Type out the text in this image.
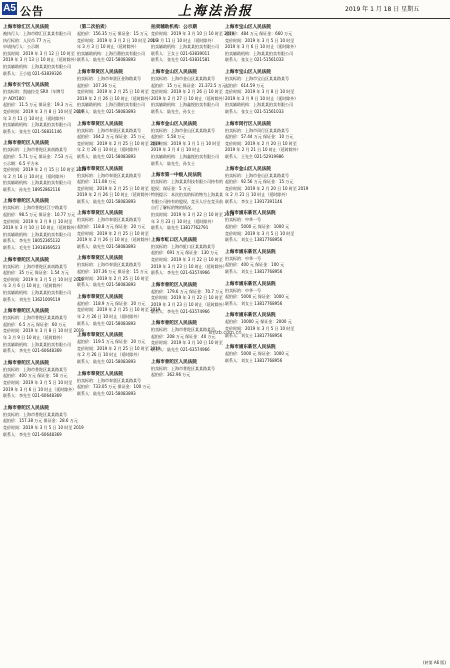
A5 公告	上海法治报	2019 年 1 月 18 日 星期五
上海市徐汇区人民法院
被执行人：上海市徐汇区某某有限公司
执行标的：人民币 77 万元
申请执行人：公示期
拍卖时间：2019 年 3 月 12 日 10 时至
2019 年 3 月 13 日 10 时止（延时除外）
拍卖辅助机构：上海某某拍卖有限公司
联系人：王小姐 021-63839326
上海市长宁区人民法院
拍卖标的：凯迪拉克 SRX（车牌号
沪 ADY180）
起拍价：11.5 万元 保证金：19.3 万元
竞价时间：2019 年 3 月 8 日 10 时至 2019
年 3 月 11 日 10 时止（延时除外）
拍卖辅助机构：上海某某拍卖有限公司
联系人：张先生 021-56831146
上海市普陀区人民法院
拍卖标的：上海市普陀区真南路某号
起拍价：5.71 万元 保证金：7.53 万元
公示期：6.5 平方米
竞价时间：2019 年 2 月 15 日 10 时至 2019
年 2 月 16 日 10 时止（延时除外）
拍卖辅助机构：上海某某拍卖有限公司
联系人：孙先生 18952862116
上海市普陀区人民法院
拍卖标的：上海市普陀区江宁路某号
起拍价：98.5 万元 保证金：10.77 万元
竞价时间：2019 年 3 月 9 日 10 时至
2019 年 3 月 10 日 10 时止（延时除外）
拍卖辅助机构：上海某某拍卖有限公司
联系人：李先生 18052365132
联系人：毛先生 13918369523
上海市普陀区人民法院
拍卖标的：上海市普陀区真南路某号
起拍价：35 万元 保证金：1.54 万元
竞价时间：2019 年 3 月 5 日 10 时至 2019
年 3 月 6 日 10 时止（延时除外）
拍卖辅助机构：上海某某拍卖有限公司
联系人：刘先生 13621009119
上海市普陀区人民法院
拍卖标的：上海市普陀区某某路某号
起拍价：6.5 万元 保证金：60 万元
竞价时间：2019 年 3 月 8 日 10 时至 2019
年 3 月 9 日 10 时止（延时除外）
拍卖辅助机构：上海某某拍卖有限公司
联系人：李先生 021-60648369
上海市普陀区人民法院
拍卖标的：上海市普陀区某某路某号
起拍价：400 万元 保证金：50 万元
竞价时间：2019 年 3 月 5 日 10 时至
2019 年 3 月 6 日 10 时止（延时除外）
联系人：李先生 021-60648369
上海市普陀区人民法院
拍卖标的：上海市普陀区某某路某号
起拍价：157.38 万元 保证金：28.6 万元
竞价时间：2019 年 3 月 5 日 10 时至 2019
联系人：李先生 021-60648369
（第二次拍卖）
起拍价：156.35 万元 保证金：15 万元
竞价时间：2019 年 3 月 2 日 10 时至 2019
年 3 月 3 日 10 时止（延时除外）
拍卖辅助机构：上海百鼎拍卖有限公司
联系人：陆先生 021-58083893
上海市奉贤区人民法院
拍卖标的：上海市奉贤区金海路某号
起拍价：107.36 万元
竞价时间：2019 年 2 月 25 日 10 时至
2019 年 2 月 26 日 10 时止（延时除外）
拍卖辅助机构：上海百鼎拍卖有限公司
联系人：陆先生 021-58083893
上海市奉贤区人民法院
拍卖标的：上海市奉贤区某某路某号
起拍价：164.2 万元 保证金：25 万元
竞价时间：2019 年 2 月 25 日 10 时至 2019
年 2 月 26 日 10 时止（延时除外）
联系人：陆先生 021-58083893
上海市奉贤区人民法院
拍卖标的：上海市奉贤区某某路某号
起拍价：111.08 万元
竞价时间：2019 年 2 月 25 日 10 时至
2019 年 2 月 26 日 10 时止（延时除外）
联系人：陆先生 021-58083893
上海市奉贤区人民法院
拍卖标的：上海市奉贤区某某路某号
起拍价：118.8 万元 保证金：20 万元
竞价时间：2019 年 2 月 25 日 10 时至
2019 年 2 月 26 日 10 时止（延时除外）
联系人：陆先生 021-58083893
上海市奉贤区人民法院
拍卖标的：上海市奉贤区某某路某号
起拍价：107.36 万元 保证金：15 万元
竞价时间：2019 年 2 月 25 日 10 时至
联系人：陆先生 021-58083893
上海市奉贤区人民法院
起拍价：118.9 万元 保证金：20 万元
竞价时间：2019 年 2 月 25 日 10 时至 2019
年 2 月 26 日 10 时止（延时除外）
联系人：陆先生 021-58083893
上海市奉贤区人民法院
起拍价：119.5 万元 保证金：20 万元
竞价时间：2019 年 2 月 25 日 10 时至 2019
年 2 月 26 日 10 时止（延时除外）
联系人：陆先生 021-58083893
上海市奉贤区人民法院
拍卖标的：上海市奉贤区某某路某号
起拍价：733.05 万元 保证金：100 万元
联系人：陆先生 021-58083893
拍卖辅助机构：公示期
竞价时间：2019 年 3 月 10 日 10 时至 2019
年 3 月 11 日 10 时止（延时除外）
拍卖辅助机构：上海某某拍卖有限公司
联系人：王女士 021-63839011
联系人：张先生 021-63831581
上海市金山区人民法院
拍卖标的：上海市金山区某某路某号
起拍价：15 万元 保证金：21.372.5 万元
竞价时间：2019 年 2 月 26 日 10 时至
2019 年 2 月 27 日 10 时止（延时除外）
拍卖辅助机构：上海鑫悦拍卖有限公司
联系人：陆先生，孙女士
上海市金山区人民法院
拍卖标的：上海市金山区某某路某号
起拍价：5.58 万元
竞价时间：2019 年 3 月 1 日 10 时至
2019 年 3 月 4 日 10 时止
拍卖辅助机构：上海鑫悦拍卖有限公司
联系人：陆先生，孙女士
上海市第一中级人民法院
拍卖标的：上海某某科技有限公司持有的
股权；保证金：5 万元
特别提示：本次拍卖的标的物为上海某某
有限公司持有的股权，竞买人应在竞买前
自行了解标的物的情况。
拍卖时间：2019 年 3 月 22 日 10 时至 2019
年 3 月 23 日 10 时止（延时除外）
联系人：陆先生 13817762791
上海市虹口区人民法院
拍卖标的：上海市虹口区某某路某号
起拍价：691 万元 保证金：130 万元
竞价时间：2019 年 3 月 22 日 10 时至
2019 年 3 月 23 日 10 时止（延时除外）
联系人：李先生 021-63574966
上海市普陀区人民法院
起拍价：179.6 万元 保证金：70.7 万元
竞价时间：2019 年 3 月 22 日 10 时至
2019 年 3 月 23 日 10 时止（延时除外）
联系人：李先生 021-63574966
上海市普陀区人民法院
拍卖标的：上海市普陀区某某路某号
起拍价：208 万元 保证金：40 万元
竞价时间：2019 年 3 月 10 日 10 时至
联系人：陆先生 021-63574966
上海市普陀区人民法院
拍卖标的：上海市普陀区某某路某号
起拍价：362.96 万元
上海市宝山区人民法院
起拍价：484 万元 保证金：660 万元
竞价时间：2019 年 3 月 5 日 10 时至
2019 年 3 月 6 日 10 时止（延时除外）
拍卖辅助机构：上海某某拍卖有限公司
联系人：张女士 021-51561033
上海市宝山区人民法院
拍卖标的：上海市宝山区某某路某号
起拍价：614.59 万元
竞价时间：2019 年 3 月 8 日 10 时至
2019 年 3 月 9 日 10 时止（延时除外）
拍卖辅助机构：上海某某拍卖有限公司
联系人：张女士 021-51561033
上海市闵行区人民法院
拍卖标的：上海市闵行区某某路某号
起拍价：57.44 万元 保证金：10 万元
竞价时间：2019 年 2 月 20 日 10 时至
2019 年 2 月 21 日 10 时止（延时除外）
联系人：王先生 021-52919986
上海市金山区人民法院
拍卖标的：上海市金山区某某路某号
起拍价：92.56 万元 保证金：15 万元
竞价时间：2019 年 2 月 20 日 10 时至 2019
年 2 月 21 日 10 时止（延时除外）
联系人：李女士 13917391146
上海市浦东新区人民法院
拍卖标的：中华一号
起拍价：5000 元 保证金：1000 元
竞价时间：2019 年 3 月 5 日 10 时至
联系人：刘女士 13817768956
上海市浦东新区人民法院
拍卖标的：中华一号
起拍价：400 元 保证金：100 元
联系人：刘女士 13817768956
上海市浦东新区人民法院
拍卖标的：中华一号
起拍价：5000 元 保证金：1000 元
联系人：刘女士 13817768956
上海市浦东新区人民法院
起拍价：10000 元 保证金：2000 元
竞价时间：2019 年 3 月 5 日 10 时至
联系人：刘女士 13817768956
上海市浦东新区人民法院
起拍价：5000 元 保证金：1000 元
联系人：刘女士 13817768956
shfzb.com.cn
(转第 A6 版)
